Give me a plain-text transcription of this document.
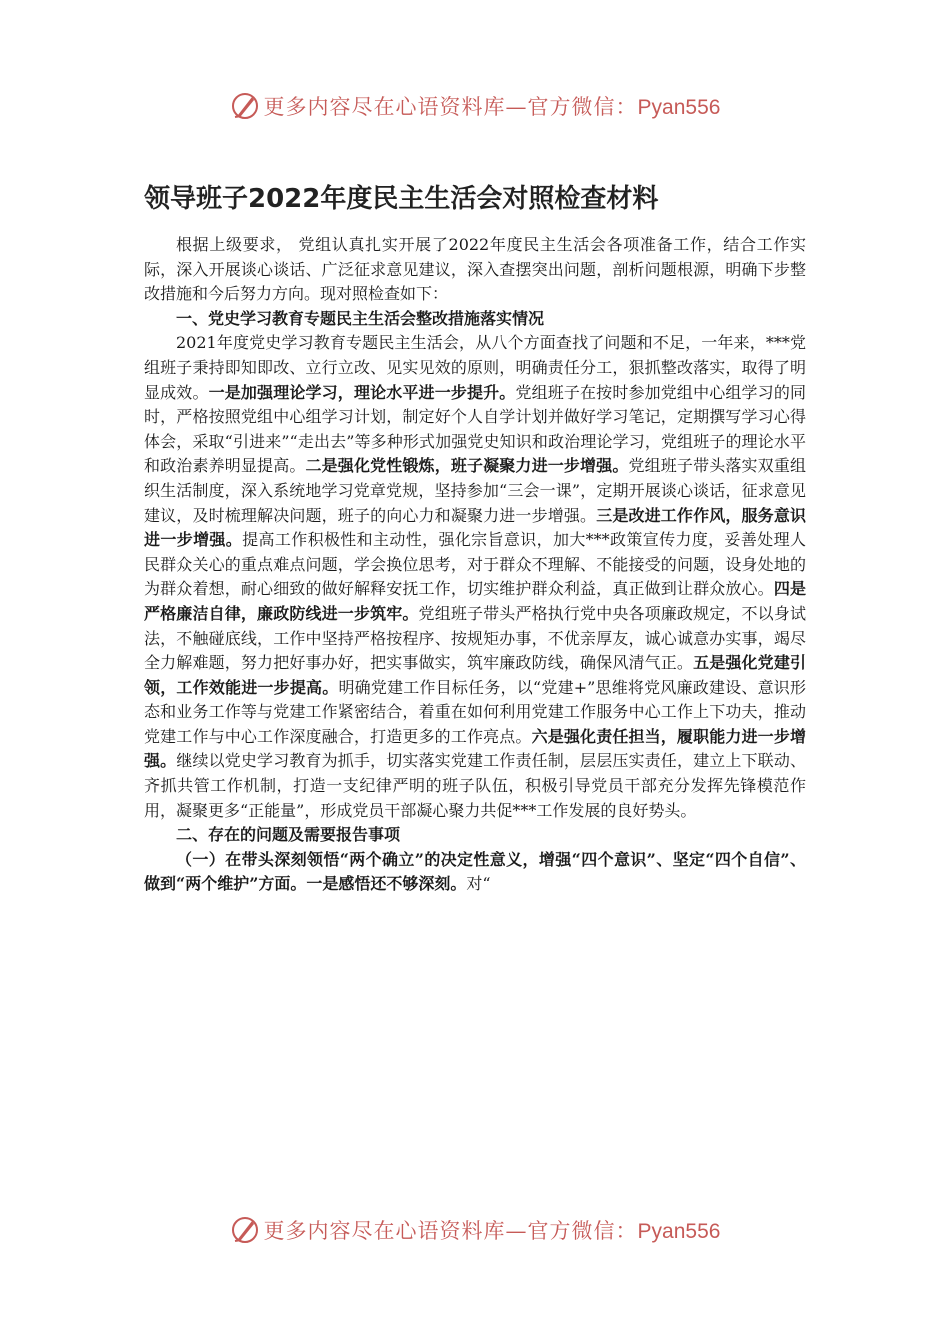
更多内容尽在心语资料库—官方微信：Pyan556
领导班子2022年度民主生活会对照检查材料

根据上级要求， 党组认真扎实开展了2022年度民主生活会各项准备工作，结合工作实际，深入开展谈心谈话、广泛征求意见建议，深入查摆突出问题，剖析问题根源，明确下步整改措施和今后努力方向。现对照检查如下：

一、党史学习教育专题民主生活会整改措施落实情况

2021年度党史学习教育专题民主生活会，从八个方面查找了问题和不足，一年来，***党组班子秉持即知即改、立行立改、见实见效的原则，明确责任分工，狠抓整改落实，取得了明显成效。一是加强理论学习，理论水平进一步提升。党组班子在按时参加党组中心组学习的同时，严格按照党组中心组学习计划，制定好个人自学计划并做好学习笔记，定期撰写学习心得体会，采取“引进来”“走出去”等多种形式加强党史知识和政治理论学习，党组班子的理论水平和政治素养明显提高。二是强化党性锻炼，班子凝聚力进一步增强。党组班子带头落实双重组织生活制度，深入系统地学习党章党规，坚持参加“三会一课”，定期开展谈心谈话，征求意见建议，及时梳理解决问题，班子的向心力和凝聚力进一步增强。三是改进工作作风，服务意识进一步增强。提高工作积极性和主动性，强化宗旨意识，加大***政策宣传力度，妥善处理人民群众关心的重点难点问题，学会换位思考，对于群众不理解、不能接受的问题，设身处地的为群众着想，耐心细致的做好解释安抚工作，切实维护群众利益，真正做到让群众放心。四是严格廉洁自律，廉政防线进一步筑牢。党组班子带头严格执行党中央各项廉政规定，不以身试法，不触碰底线，工作中坚持严格按程序、按规矩办事，不优亲厚友，诚心诚意办实事，竭尽全力解难题，努力把好事办好，把实事做实，筑牢廉政防线，确保风清气正。五是强化党建引领，工作效能进一步提高。明确党建工作目标任务，以“党建+”思维将党风廉政建设、意识形态和业务工作等与党建工作紧密结合，着重在如何利用党建工作服务中心工作上下功夫，推动党建工作与中心工作深度融合，打造更多的工作亮点。六是强化责任担当，履职能力进一步增强。继续以党史学习教育为抓手，切实落实党建工作责任制，层层压实责任，建立上下联动、齐抓共管工作机制，打造一支纪律严明的班子队伍，积极引导党员干部充分发挥先锋模范作用，凝聚更多“正能量”，形成党员干部凝心聚力共促***工作发展的良好势头。

二、存在的问题及需要报告事项

（一）在带头深刻领悟“两个确立”的决定性意义，增强“四个意识”、坚定“四个自信”、做到“两个维护”方面。一是感悟还不够深刻。对“

更多内容尽在心语资料库—官方微信：Pyan556
